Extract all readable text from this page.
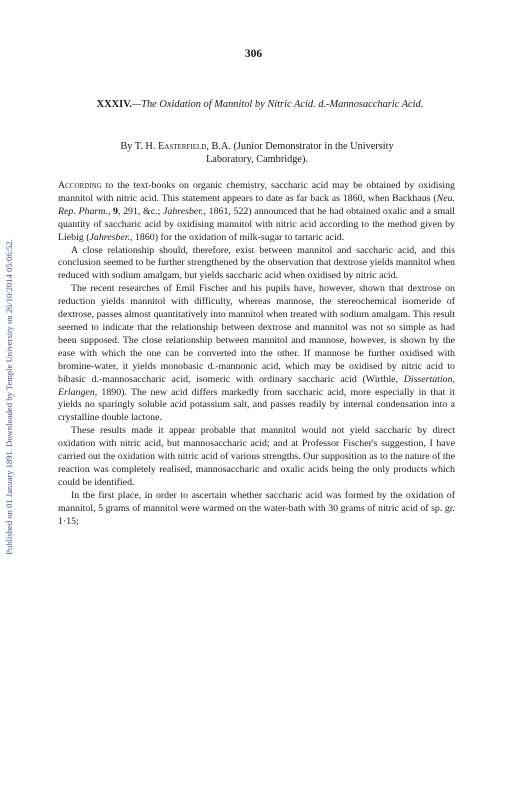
Published on 01 January 1891. Downloaded by Temple University on 26/10/2014 05:06:52.
306
XXXIV.—The Oxidation of Mannitol by Nitric Acid. d.-Mannosaccharic Acid.
By T. H. Easterfield, B.A. (Junior Demonstrator in the University
Laboratory, Cambridge).

According to the text-books on organic chemistry, saccharic acid may be obtained by oxidising mannitol with nitric acid. This statement appears to date as far back as 1860, when Backhaus (Neu. Rep. Pharm., 9, 291, &c.; Jahresber., 1861, 522) announced that he had obtained oxalic and a small quantity of saccharic acid by oxidising mannitol with nitric acid according to the method given by Liebig (Jahresber., 1860) for the oxidation of milk-sugar to tartaric acid.

A close relationship should, therefore, exist between mannitol and saccharic acid, and this conclusion seemed to be further strengthened by the observation that dextrose yields mannitol when reduced with sodium amalgam, but yields saccharic acid when oxidised by nitric acid.

The recent researches of Emil Fischer and his pupils have, however, shown that dextrose on reduction yields mannitol with difficulty, whereas mannose, the stereochemical isomeride of dextrose, passes almost quantitatively into mannitol when treated with sodium amalgam. This result seemed to indicate that the relationship between dextrose and mannitol was not so simple as had been supposed. The close relationship between mannitol and mannose, however, is shown by the ease with which the one can be converted into the other. If mannose be further oxidised with bromine-water, it yields monobasic d.-mannonic acid, which may be oxidised by nitric acid to bibasic d.-mannosaccharic acid, isomeric with ordinary saccharic acid (Wirthle, Dissertation, Erlangen, 1890). The new acid differs markedly from saccharic acid, more especially in that it yields no sparingly soluble acid potassium salt, and passes readily by internal condensation into a crystalline double lactone.

These results made it appear probable that mannitol would not yield saccharic by direct oxidation with nitric acid, but mannosaccharic acid; and at Professor Fischer's suggestion, I have carried out the oxidation with nitric acid of various strengths. Our supposition as to the nature of the reaction was completely realised, mannosaccharic and oxalic acids being the only products which could be identified.

In the first place, in order to ascertain whether saccharic acid was formed by the oxidation of mannitol, 5 grams of mannitol were warmed on the water-bath with 30 grams of nitric acid of sp. gr. 1·15;
